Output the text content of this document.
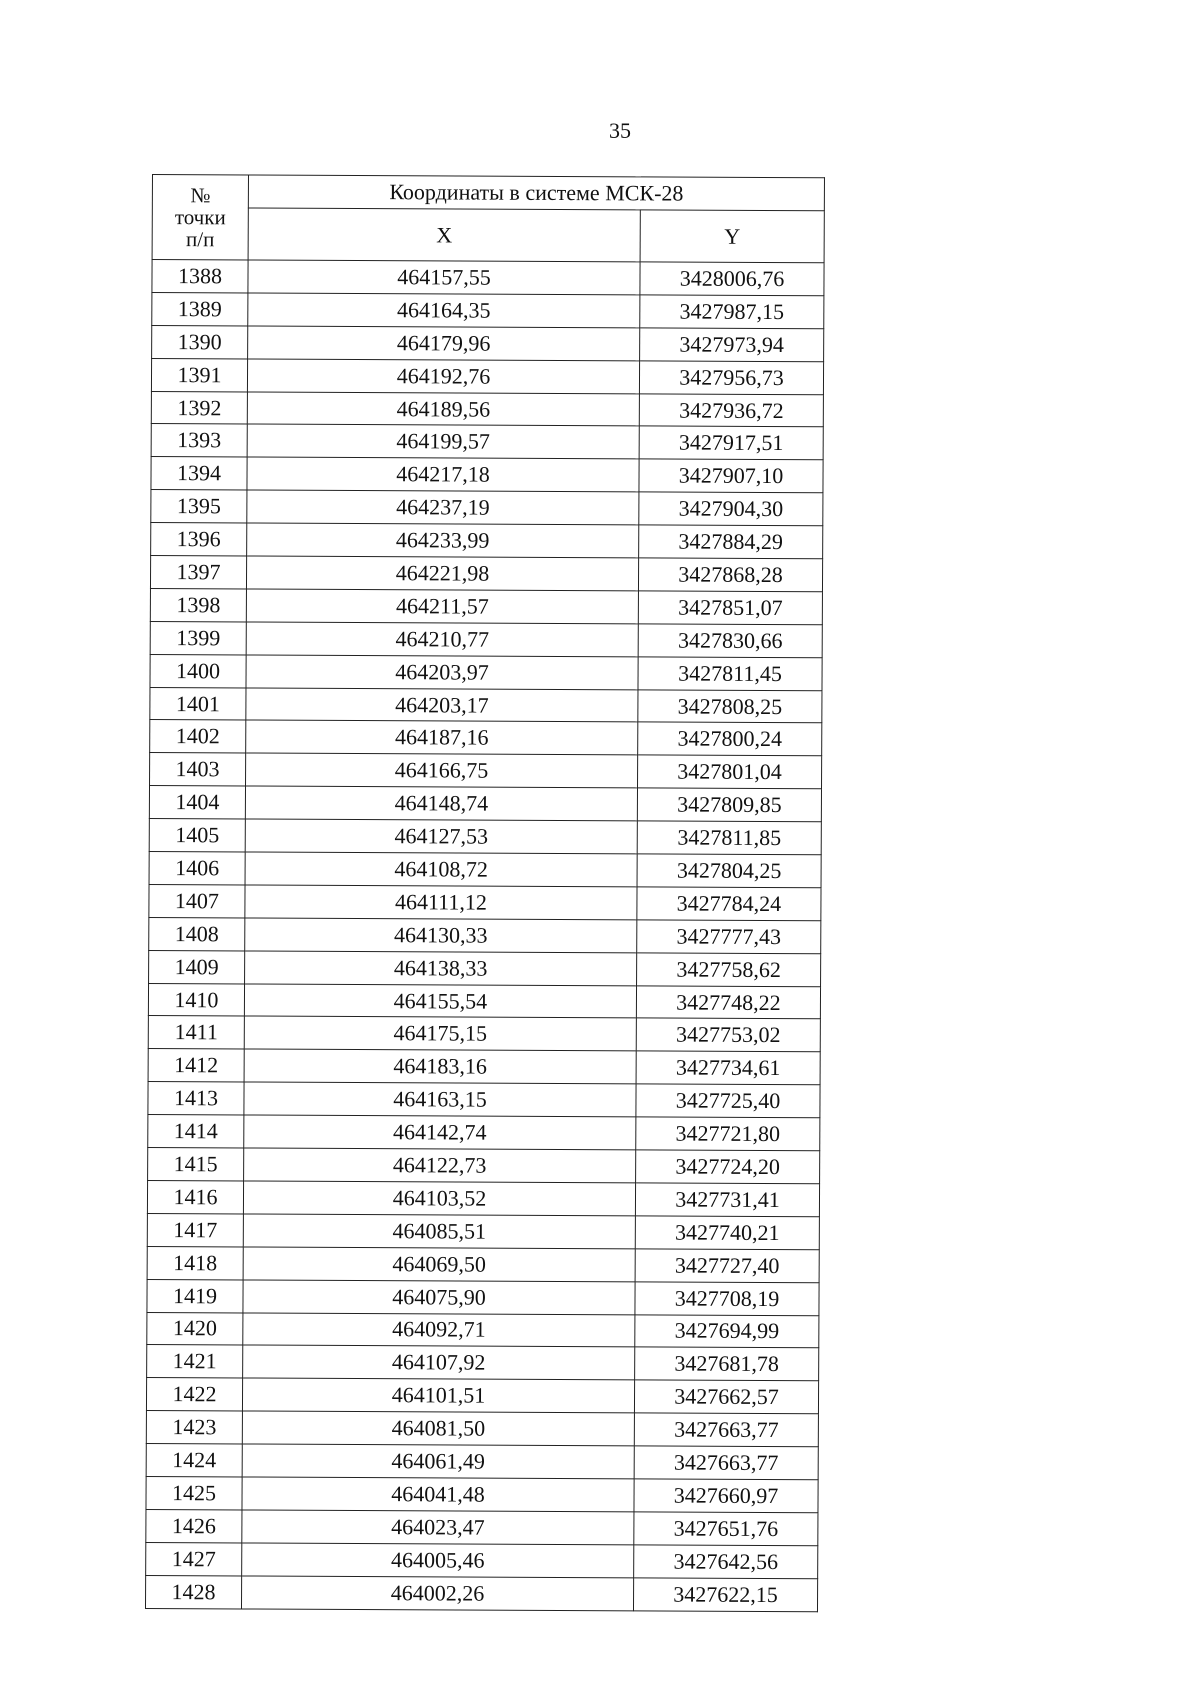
35
№
точки
п/п	Координаты в системе МСК-28	
	X	Y
1388	464157,55	3428006,76
1389	464164,35	3427987,15
1390	464179,96	3427973,94
1391	464192,76	3427956,73
1392	464189,56	3427936,72
1393	464199,57	3427917,51
1394	464217,18	3427907,10
1395	464237,19	3427904,30
1396	464233,99	3427884,29
1397	464221,98	3427868,28
1398	464211,57	3427851,07
1399	464210,77	3427830,66
1400	464203,97	3427811,45
1401	464203,17	3427808,25
1402	464187,16	3427800,24
1403	464166,75	3427801,04
1404	464148,74	3427809,85
1405	464127,53	3427811,85
1406	464108,72	3427804,25
1407	464111,12	3427784,24
1408	464130,33	3427777,43
1409	464138,33	3427758,62
1410	464155,54	3427748,22
1411	464175,15	3427753,02
1412	464183,16	3427734,61
1413	464163,15	3427725,40
1414	464142,74	3427721,80
1415	464122,73	3427724,20
1416	464103,52	3427731,41
1417	464085,51	3427740,21
1418	464069,50	3427727,40
1419	464075,90	3427708,19
1420	464092,71	3427694,99
1421	464107,92	3427681,78
1422	464101,51	3427662,57
1423	464081,50	3427663,77
1424	464061,49	3427663,77
1425	464041,48	3427660,97
1426	464023,47	3427651,76
1427	464005,46	3427642,56
1428	464002,26	3427622,15
